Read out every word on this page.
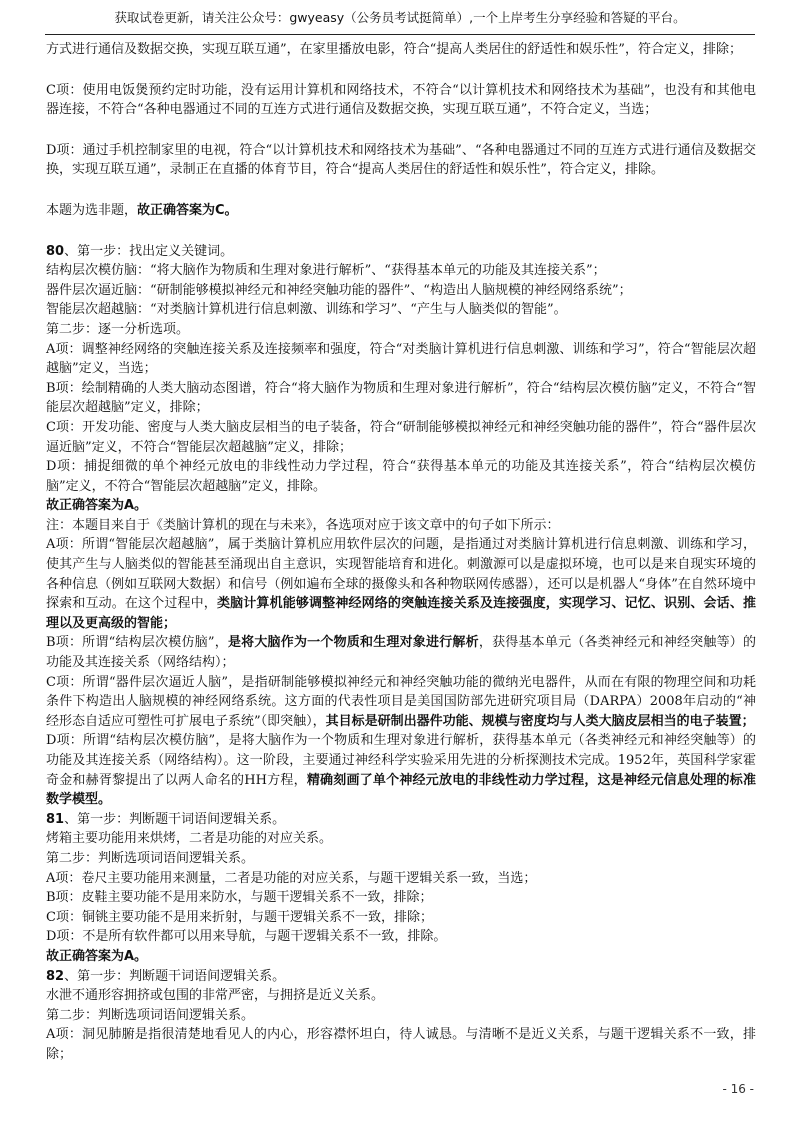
获取试卷更新，请关注公众号：gwyeasy（公务员考试挺简单）,一个上岸考生分享经验和答疑的平台。

方式进行通信及数据交换，实现互联互通”，在家里播放电影，符合“提高人类居住的舒适性和娱乐性”，符合定义，排除；

C项：使用电饭煲预约定时功能，没有运用计算机和网络技术，不符合“以计算机技术和网络技术为基础”，也没有和其他电器连接，不符合“各种电器通过不同的互连方式进行通信及数据交换，实现互联互通”，不符合定义，当选；

D项：通过手机控制家里的电视，符合“以计算机技术和网络技术为基础”、“各种电器通过不同的互连方式进行通信及数据交换，实现互联互通”，录制正在直播的体育节目，符合“提高人类居住的舒适性和娱乐性”，符合定义，排除。

本题为选非题，故正确答案为C。

80、第一步：找出定义关键词。

结构层次模仿脑：“将大脑作为物质和生理对象进行解析”、“获得基本单元的功能及其连接关系”；

器件层次逼近脑：“研制能够模拟神经元和神经突触功能的器件”、“构造出人脑规模的神经网络系统”；

智能层次超越脑：“对类脑计算机进行信息刺激、训练和学习”、“产生与人脑类似的智能”。

第二步：逐一分析选项。

A项：调整神经网络的突触连接关系及连接频率和强度，符合“对类脑计算机进行信息刺激、训练和学习”，符合“智能层次超越脑”定义，当选；

B项：绘制精确的人类大脑动态图谱，符合“将大脑作为物质和生理对象进行解析”，符合“结构层次模仿脑”定义，不符合“智能层次超越脑”定义，排除；

C项：开发功能、密度与人类大脑皮层相当的电子装备，符合“研制能够模拟神经元和神经突触功能的器件”，符合“器件层次逼近脑”定义，不符合“智能层次超越脑”定义，排除；

D项：捕捉细微的单个神经元放电的非线性动力学过程，符合“获得基本单元的功能及其连接关系”，符合“结构层次模仿脑”定义，不符合“智能层次超越脑”定义，排除。

故正确答案为A。

注：本题目来自于《类脑计算机的现在与未来》，各选项对应于该文章中的句子如下所示：

A项：所谓“智能层次超越脑”，属于类脑计算机应用软件层次的问题，是指通过对类脑计算机进行信息刺激、训练和学习，使其产生与人脑类似的智能甚至涌现出自主意识，实现智能培育和进化。刺激源可以是虚拟环境，也可以是来自现实环境的各种信息（例如互联网大数据）和信号（例如遍布全球的摄像头和各种物联网传感器），还可以是机器人“身体”在自然环境中探索和互动。在这个过程中，类脑计算机能够调整神经网络的突触连接关系及连接强度，实现学习、记忆、识别、会话、推理以及更高级的智能；

B项：所谓“结构层次模仿脑”，是将大脑作为一个物质和生理对象进行解析，获得基本单元（各类神经元和神经突触等）的功能及其连接关系（网络结构）；

C项：所谓“器件层次逼近人脑”，是指研制能够模拟神经元和神经突触功能的微纳光电器件，从而在有限的物理空间和功耗条件下构造出人脑规模的神经网络系统。这方面的代表性项目是美国国防部先进研究项目局（DARPA）2008年启动的“神经形态自适应可塑性可扩展电子系统”（即突触），其目标是研制出器件功能、规模与密度均与人类大脑皮层相当的电子装置；

D项：所谓“结构层次模仿脑”，是将大脑作为一个物质和生理对象进行解析，获得基本单元（各类神经元和神经突触等）的功能及其连接关系（网络结构）。这一阶段，主要通过神经科学实验采用先进的分析探测技术完成。1952年，英国科学家霍奇金和赫胥黎提出了以两人命名的HH方程，精确刻画了单个神经元放电的非线性动力学过程，这是神经元信息处理的标准数学模型。

81、第一步：判断题干词语间逻辑关系。

烤箱主要功能用来烘烤，二者是功能的对应关系。

第二步：判断选项词语间逻辑关系。

A项：卷尺主要功能用来测量，二者是功能的对应关系，与题干逻辑关系一致，当选；

B项：皮鞋主要功能不是用来防水，与题干逻辑关系不一致，排除；

C项：铜铫主要功能不是用来折射，与题干逻辑关系不一致，排除；

D项：不是所有软件都可以用来导航，与题干逻辑关系不一致，排除。

故正确答案为A。

82、第一步：判断题干词语间逻辑关系。

水泄不通形容拥挤或包围的非常严密，与拥挤是近义关系。

第二步：判断选项词语间逻辑关系。

A项：洞见肺腑是指很清楚地看见人的内心，形容襟怀坦白，待人诚恳。与清晰不是近义关系，与题干逻辑关系不一致，排除；

- 16 -
